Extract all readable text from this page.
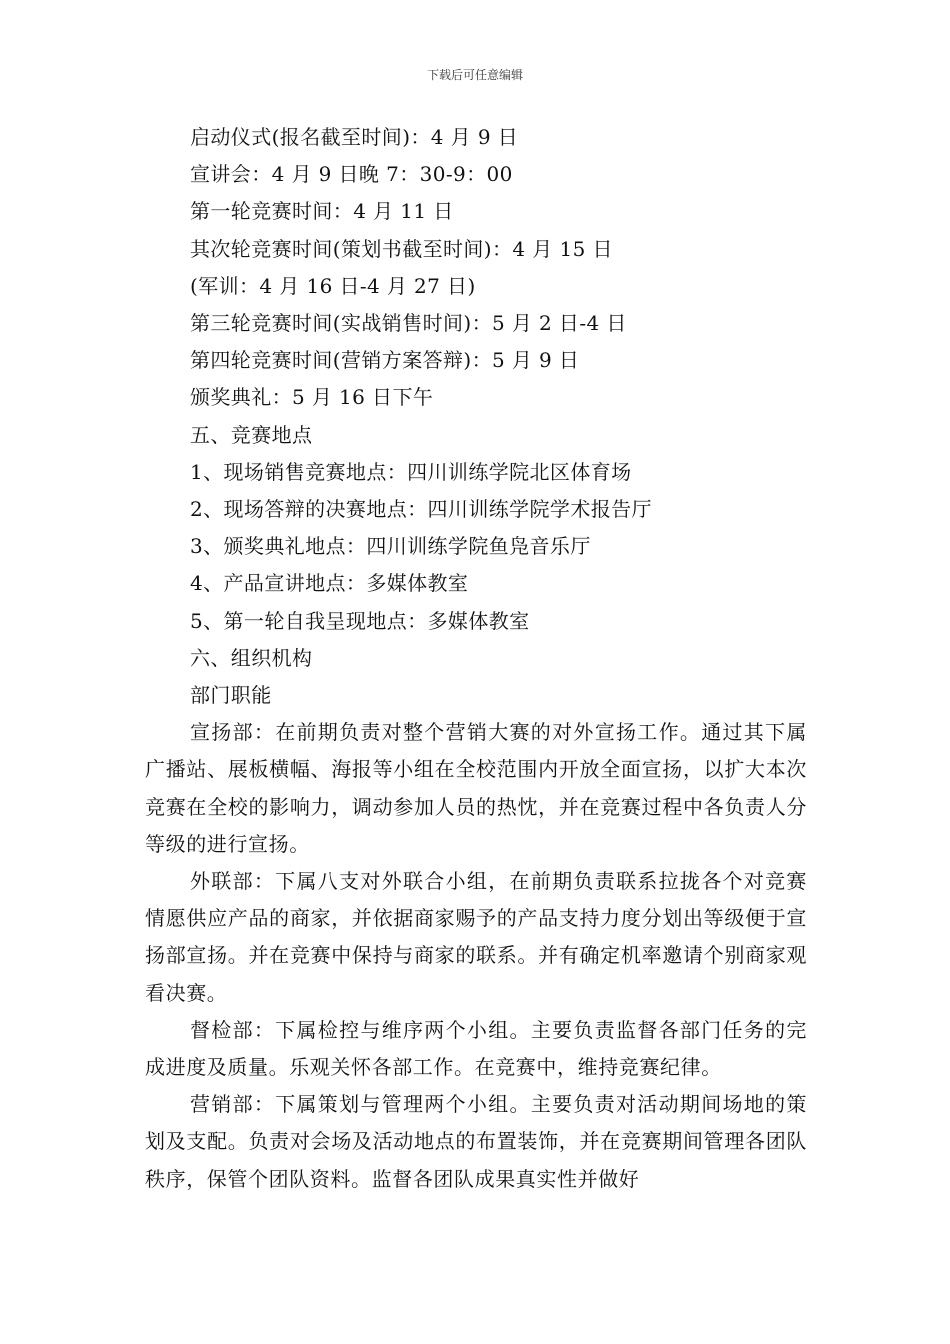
下载后可任意编辑
启动仪式(报名截至时间)：4 月 9 日
宣讲会：4 月 9 日晚 7：30-9：00
第一轮竞赛时间：4 月 11 日
其次轮竞赛时间(策划书截至时间)：4 月 15 日
(军训：4 月 16 日-4 月 27 日)
第三轮竞赛时间(实战销售时间)：5 月 2 日-4 日
第四轮竞赛时间(营销方案答辩)：5 月 9 日
颁奖典礼：5 月 16 日下午
五、竞赛地点
1、现场销售竞赛地点：四川训练学院北区体育场
2、现场答辩的决赛地点：四川训练学院学术报告厅
3、颁奖典礼地点：四川训练学院鱼凫音乐厅
4、产品宣讲地点：多媒体教室
5、第一轮自我呈现地点：多媒体教室
六、组织机构
部门职能

宣扬部：在前期负责对整个营销大赛的对外宣扬工作。通过其下属广播站、展板横幅、海报等小组在全校范围内开放全面宣扬，以扩大本次竞赛在全校的影响力，调动参加人员的热忱，并在竞赛过程中各负责人分等级的进行宣扬。

外联部：下属八支对外联合小组，在前期负责联系拉拢各个对竞赛情愿供应产品的商家，并依据商家赐予的产品支持力度分划出等级便于宣扬部宣扬。并在竞赛中保持与商家的联系。并有确定机率邀请个别商家观看决赛。

督检部：下属检控与维序两个小组。主要负责监督各部门任务的完成进度及质量。乐观关怀各部工作。在竞赛中，维持竞赛纪律。

营销部：下属策划与管理两个小组。主要负责对活动期间场地的策划及支配。负责对会场及活动地点的布置装饰，并在竞赛期间管理各团队秩序，保管个团队资料。监督各团队成果真实性并做好
